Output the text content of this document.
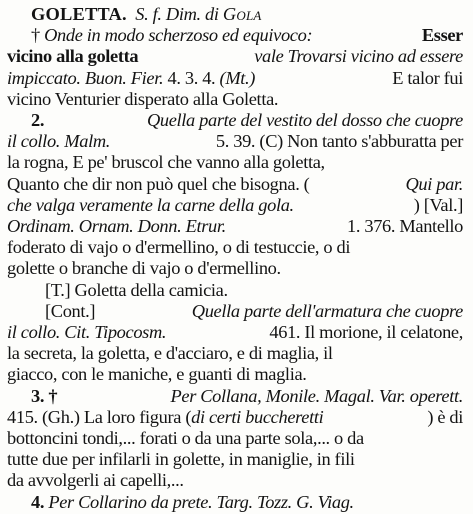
GOLETTA. S. f. Dim. di Gola
† Onde in modo scherzoso ed equivoco:	Esser
vicino alla goletta	vale Trovarsi vicino ad essere
impiccato. Buon. Fier. 4. 3. 4. (Mt.)	E talor fui
vicino Venturier disperato alla Goletta.
2.	Quella parte del vestito del dosso che cuopre
il collo. Malm.	5. 39. (C) Non tanto s'abburatta per
la rogna, E pe' bruscol che vanno alla goletta,
Quanto che dir non può quel che bisogna. (	Qui par.
che valga veramente la carne della gola.	) [Val.]
Ordinam. Ornam. Donn. Etrur.	1. 376. Mantello
foderato di vajo o d'ermellino, o di testuccie, o di
golette o branche di vajo o d'ermellino.
[T.] Goletta della camicia.
[Cont.]	Quella parte dell'armatura che cuopre
il collo. Cit. Tipocosm.	461. Il morione, il celatone,
la secreta, la goletta, e d'acciaro, e di maglia, il
giacco, con le maniche, e guanti di maglia.
3. †	Per Collana, Monile. Magal. Var. operett.
415. (Gh.) La loro figura (di certi buccheretti	) è di
bottoncini tondi,... forati o da una parte sola,... o da
tutte due per infilarli in golette, in maniglie, in fili
da avvolgerli ai capelli,...
4. Per Collarino da prete. Targ. Tozz. G. Viag.
